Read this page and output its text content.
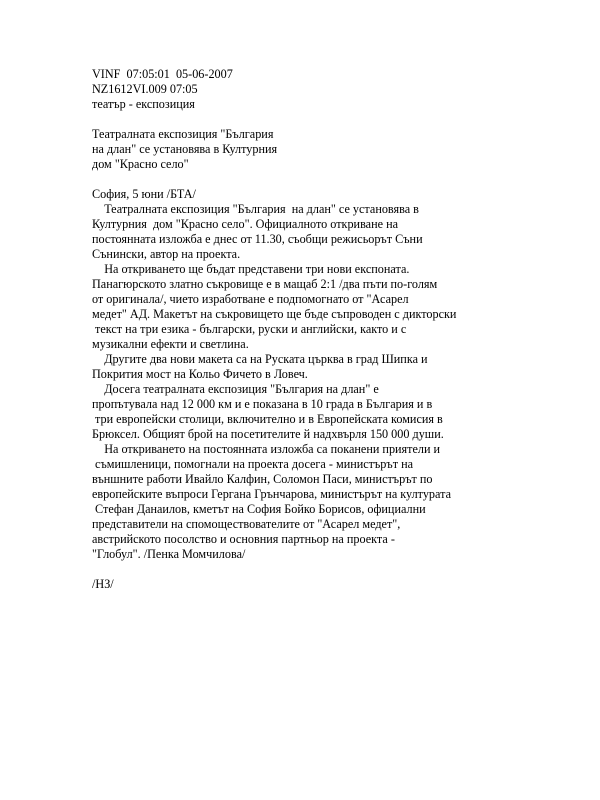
VINF  07:05:01  05-06-2007
NZ1612VI.009 07:05
театър - експозиция
Театралната експозиция "България
на длан" се установява в Културния
дом "Красно село"
София, 5 юни /БТА/
Театралната експозиция "България  на длан" се установява в
Културния  дом "Красно село". Официалното откриване на
постоянната изложба е днес от 11.30, съобщи режисьорът Съни
Сънински, автор на проекта.
На откриването ще бъдат представени три нови експоната.
Панагюрското златно съкровище е в мащаб 2:1 /два пъти по-голям
от оригинала/, чието изработване е подпомогнато от "Асарел
медет" АД. Макетът на съкровището ще бъде съпроводен с дикторски
текст на три езика - български, руски и английски, както и с
музикални ефекти и светлина.
Другите два нови макета са на Руската църква в град Шипка и
Покрития мост на Кольо Фичето в Ловеч.
Досега театралната експозиция "България на длан" е
пропътувала над 12 000 км и е показана в 10 града в България и в
три европейски столици, включително и в Европейската комисия в
Брюксел. Общият брой на посетителите й надхвърля 150 000 души.
На откриването на постоянната изложба са поканени приятели и
съмишленици, помогнали на проекта досега - министърът на
външните работи Ивайло Калфин, Соломон Паси, министърът по
европейските въпроси Гергана Грънчарова, министърът на културата
Стефан Данаилов, кметът на София Бойко Борисов, официални
представители на спомоществователите от "Асарел медет",
австрийското посолство и основния партньор на проекта -
"Глобул". /Пенка Момчилова/
/НЗ/
